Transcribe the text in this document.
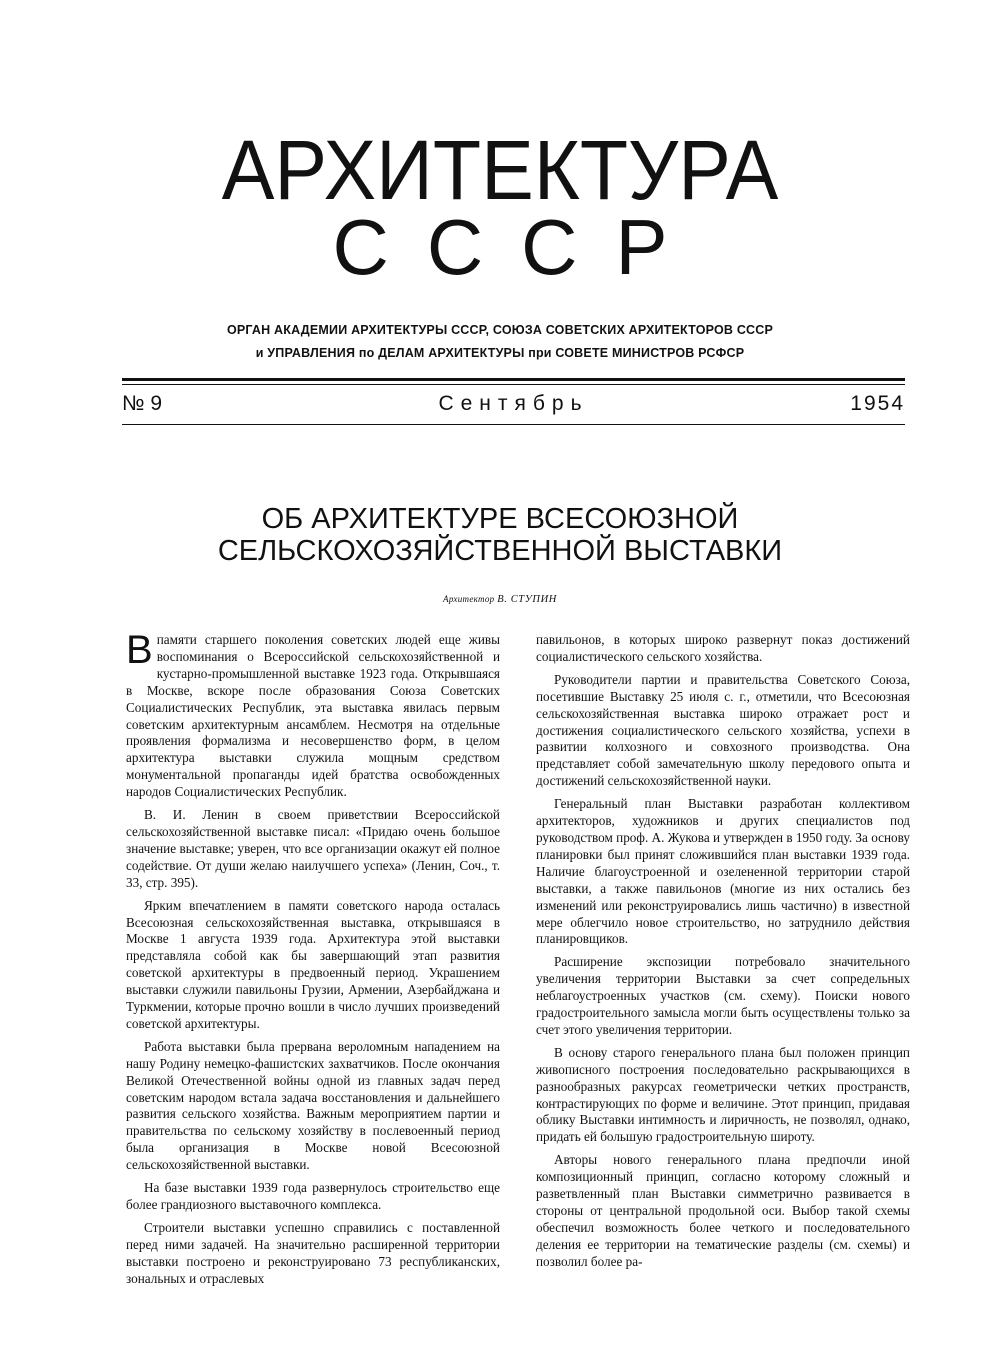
АРХИТЕКТУРА
СССР
ОРГАН АКАДЕМИИ АРХИТЕКТУРЫ СССР, СОЮЗА СОВЕТСКИХ АРХИТЕКТОРОВ СССР
и УПРАВЛЕНИЯ по ДЕЛАМ АРХИТЕКТУРЫ при СОВЕТЕ МИНИСТРОВ РСФСР
№ 9	Сентябрь	1954
ОБ АРХИТЕКТУРЕ ВСЕСОЮЗНОЙ
СЕЛЬСКОХОЗЯЙСТВЕННОЙ ВЫСТАВКИ
Архитектор В. СТУПИН

В памяти старшего поколения советских людей еще живы воспоминания о Всероссийской сельскохозяйственной и кустарно-промышленной выставке 1923 года. Открывшаяся в Москве, вскоре после образования Союза Советских Социалистических Республик, эта выставка явилась первым советским архитектурным ансамблем. Несмотря на отдельные проявления формализма и несовершенство форм, в целом архитектура выставки служила мощным средством монументальной пропаганды идей братства освобожденных народов Социалистических Республик.

В. И. Ленин в своем приветствии Всероссийской сельскохозяйственной выставке писал: «Придаю очень большое значение выставке; уверен, что все организации окажут ей полное содействие. От души желаю наилучшего успеха» (Ленин, Соч., т. 33, стр. 395).

Ярким впечатлением в памяти советского народа осталась Всесоюзная сельскохозяйственная выставка, открывшаяся в Москве 1 августа 1939 года. Архитектура этой выставки представляла собой как бы завершающий этап развития советской архитектуры в предвоенный период. Украшением выставки служили павильоны Грузии, Армении, Азербайджана и Туркмении, которые прочно вошли в число лучших произведений советской архитектуры.

Работа выставки была прервана вероломным нападением на нашу Родину немецко-фашистских захватчиков. После окончания Великой Отечественной войны одной из главных задач перед советским народом встала задача восстановления и дальнейшего развития сельского хозяйства. Важным мероприятием партии и правительства по сельскому хозяйству в послевоенный период была организация в Москве новой Всесоюзной сельскохозяйственной выставки.

На базе выставки 1939 года развернулось строительство еще более грандиозного выставочного комплекса.

Строители выставки успешно справились с поставленной перед ними задачей. На значительно расширенной территории выставки построено и реконструировано 73 республиканских, зональных и отраслевых

павильонов, в которых широко развернут показ достижений социалистического сельского хозяйства.

Руководители партии и правительства Советского Союза, посетившие Выставку 25 июля с. г., отметили, что Всесоюзная сельскохозяйственная выставка широко отражает рост и достижения социалистического сельского хозяйства, успехи в развитии колхозного и совхозного производства. Она представляет собой замечательную школу передового опыта и достижений сельскохозяйственной науки.

Генеральный план Выставки разработан коллективом архитекторов, художников и других специалистов под руководством проф. А. Жукова и утвержден в 1950 году. За основу планировки был принят сложившийся план выставки 1939 года. Наличие благоустроенной и озелененной территории старой выставки, а также павильонов (многие из них остались без изменений или реконструировались лишь частично) в известной мере облегчило новое строительство, но затруднило действия планировщиков.

Расширение экспозиции потребовало значительного увеличения территории Выставки за счет сопредельных неблагоустроенных участков (см. схему). Поиски нового градостроительного замысла могли быть осуществлены только за счет этого увеличения территории.

В основу старого генерального плана был положен принцип живописного построения последовательно раскрывающихся в разнообразных ракурсах геометрически четких пространств, контрастирующих по форме и величине. Этот принцип, придавая облику Выставки интимность и лиричность, не позволял, однако, придать ей большую градостроительную широту.

Авторы нового генерального плана предпочли иной композиционный принцип, согласно которому сложный и разветвленный план Выставки симметрично развивается в стороны от центральной продольной оси. Выбор такой схемы обеспечил возможность более четкого и последовательного деления ее территории на тематические разделы (см. схемы) и позволил более ра-
